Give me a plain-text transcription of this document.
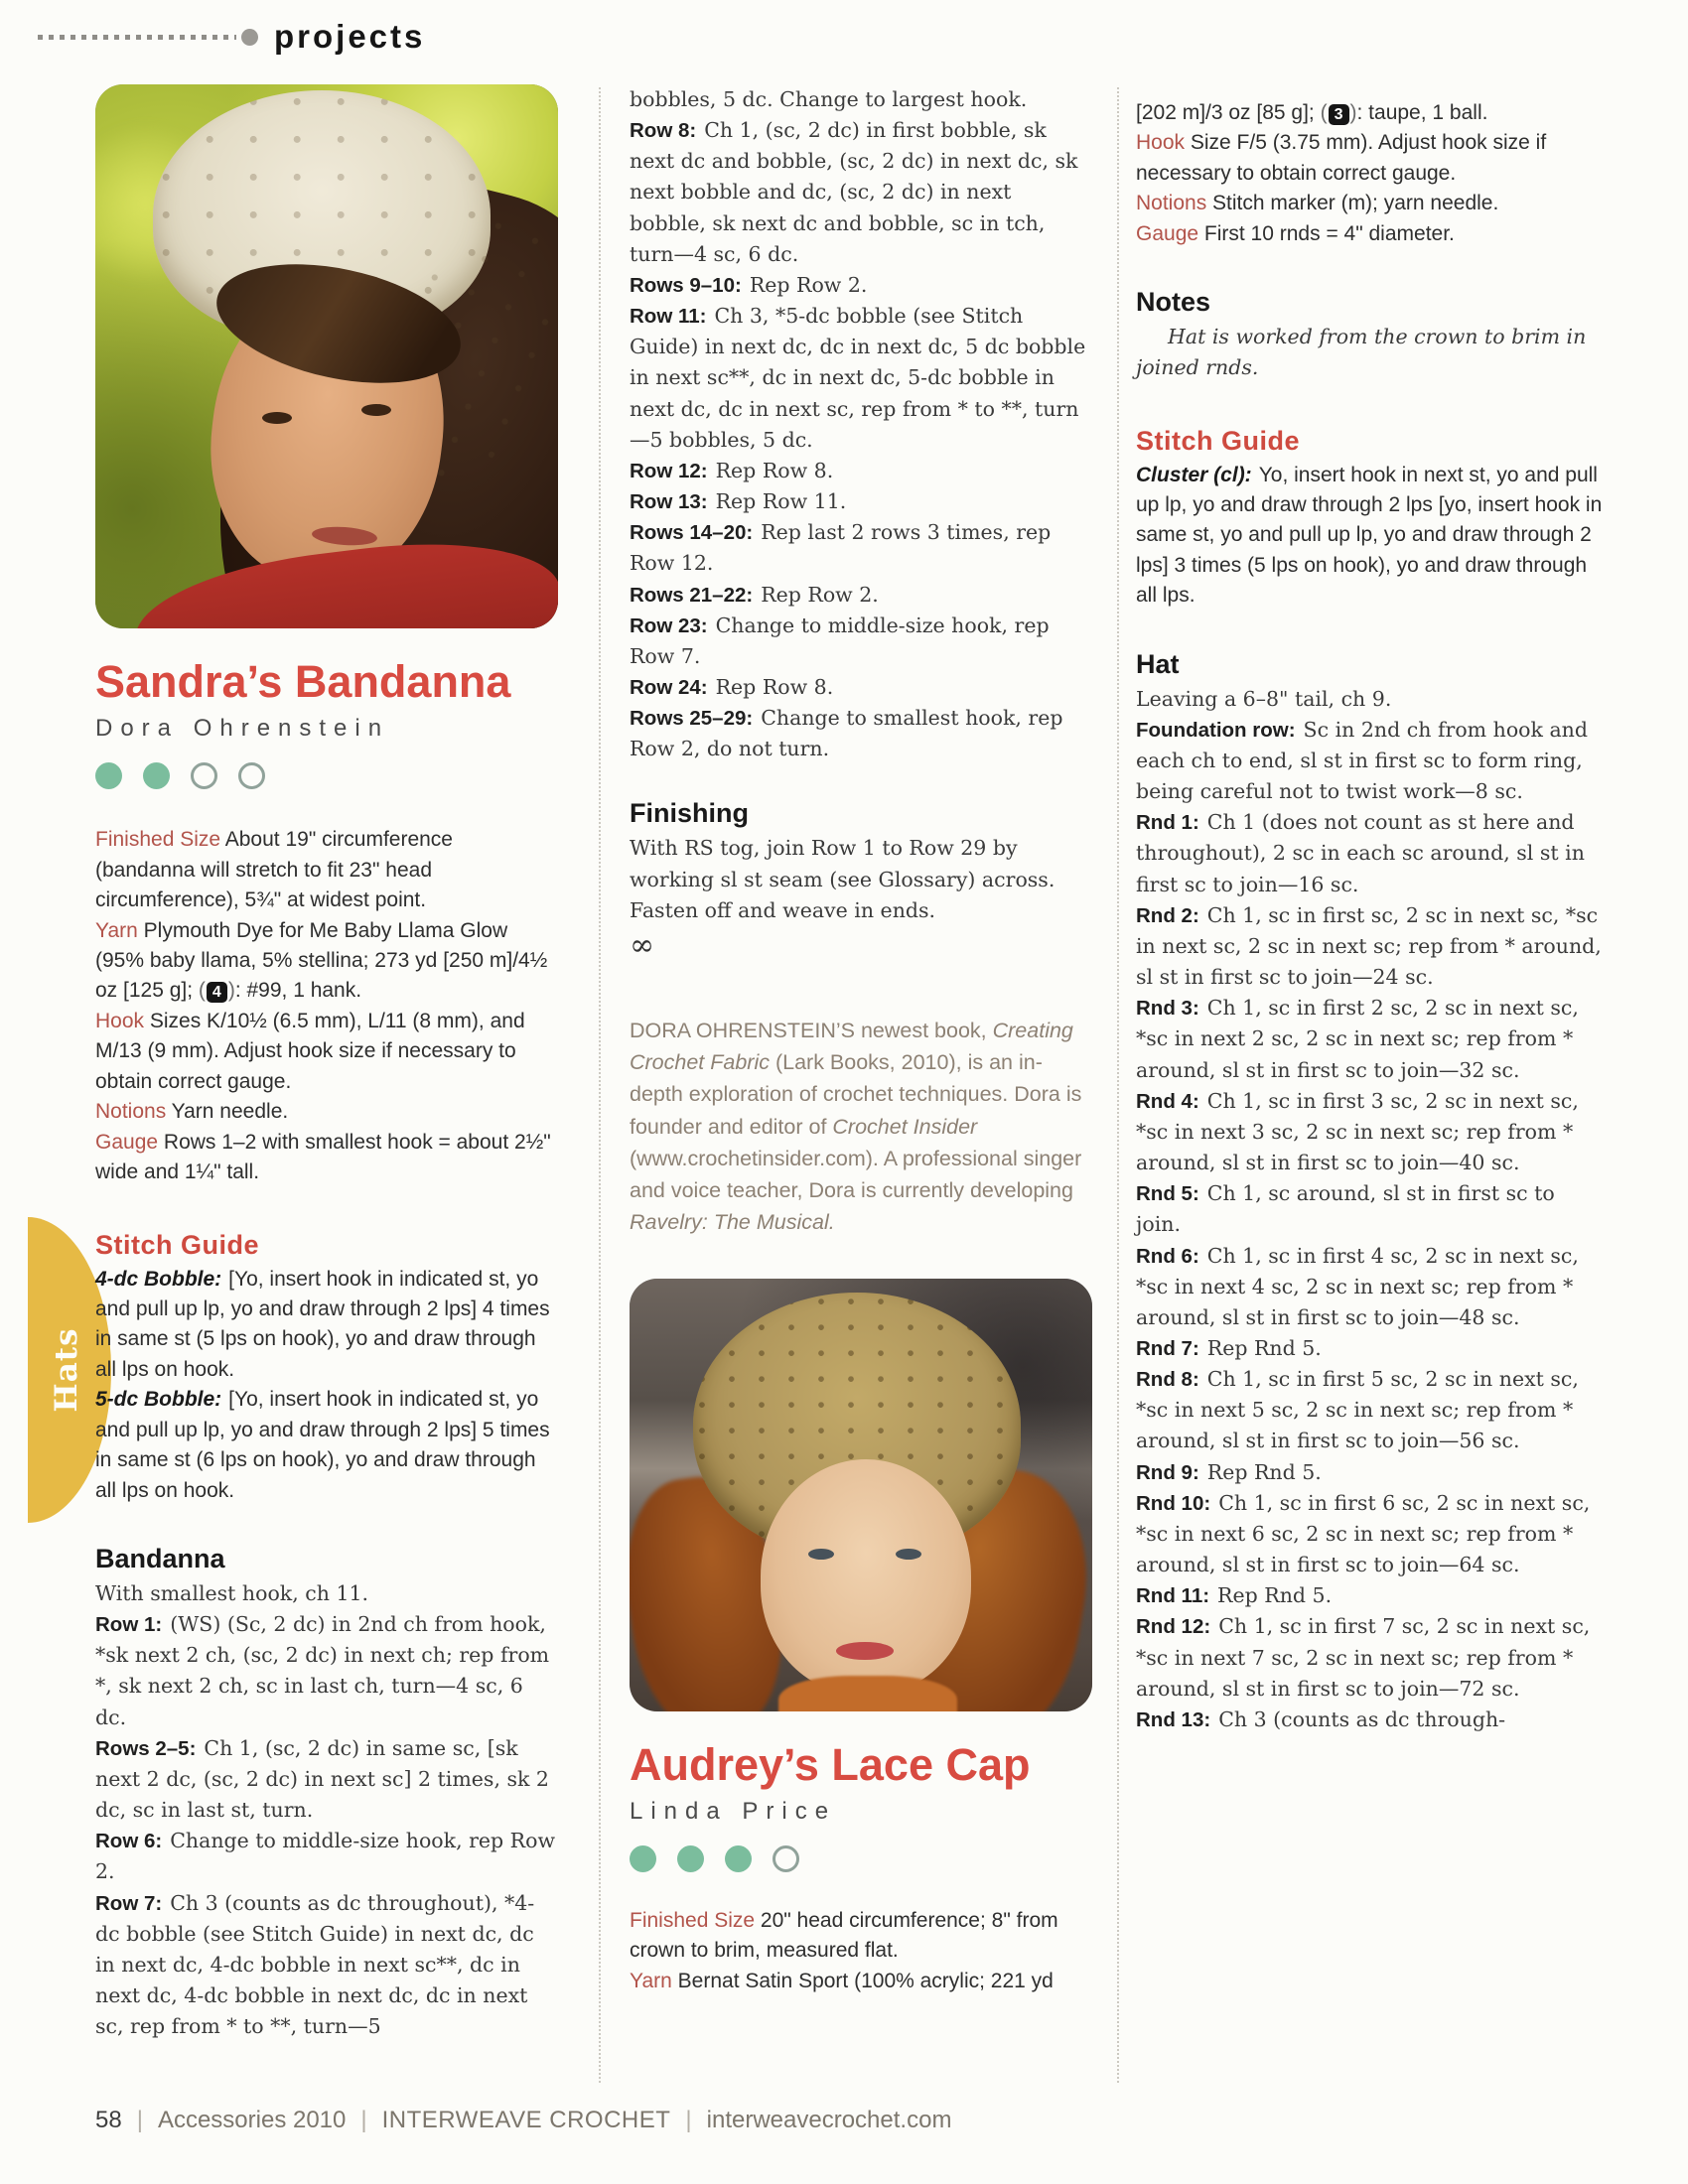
projects
Hats
Sandra’s Bandanna
Dora Ohrenstein

Finished Size About 19" circumference (bandanna will stretch to fit 23" head circumference), 5¾" at widest point.

Yarn Plymouth Dye for Me Baby Llama Glow (95% baby llama, 5% stellina; 273 yd [250 m]/4½ oz [125 g]; ( 4 ): #99, 1 hank.

Hook Sizes K/10½ (6.5 mm), L/11 (8 mm), and M/13 (9 mm). Adjust hook size if necessary to obtain correct gauge.

Notions Yarn needle.

Gauge Rows 1–2 with smallest hook = about 2½" wide and 1¼" tall.

Stitch Guide

4-dc Bobble: [Yo, insert hook in indicated st, yo and pull up lp, yo and draw through 2 lps] 4 times in same st (5 lps on hook), yo and draw through all lps on hook.

5-dc Bobble: [Yo, insert hook in indicated st, yo and pull up lp, yo and draw through 2 lps] 5 times in same st (6 lps on hook), yo and draw through all lps on hook.

Bandanna

With smallest hook, ch 11.

Row 1: (WS) (Sc, 2 dc) in 2nd ch from hook, *sk next 2 ch, (sc, 2 dc) in next ch; rep from *, sk next 2 ch, sc in last ch, turn—4 sc, 6 dc.

Rows 2–5: Ch 1, (sc, 2 dc) in same sc, [sk next 2 dc, (sc, 2 dc) in next sc] 2 times, sk 2 dc, sc in last st, turn.

Row 6: Change to middle-size hook, rep Row 2.

Row 7: Ch 3 (counts as dc throughout), *4-dc bobble (see Stitch Guide) in next dc, dc in next dc, 4-dc bobble in next sc**, dc in next dc, 4-dc bobble in next dc, dc in next sc, rep from * to **, turn—5

bobbles, 5 dc. Change to largest hook.

Row 8: Ch 1, (sc, 2 dc) in first bobble, sk next dc and bobble, (sc, 2 dc) in next dc, sk next bobble and dc, (sc, 2 dc) in next bobble, sk next dc and bobble, sc in tch, turn—4 sc, 6 dc.

Rows 9–10: Rep Row 2.

Row 11: Ch 3, *5-dc bobble (see Stitch Guide) in next dc, dc in next dc, 5 dc bobble in next sc**, dc in next dc, 5-dc bobble in next dc, dc in next sc, rep from * to **, turn—5 bobbles, 5 dc.

Row 12: Rep Row 8.

Row 13: Rep Row 11.

Rows 14–20: Rep last 2 rows 3 times, rep Row 12.

Rows 21–22: Rep Row 2.

Row 23: Change to middle-size hook, rep Row 7.

Row 24: Rep Row 8.

Rows 25–29: Change to smallest hook, rep Row 2, do not turn.

Finishing

With RS tog, join Row 1 to Row 29 by working sl st seam (see Glossary) across. Fasten off and weave in ends.

∞

DORA OHRENSTEIN’S newest book, Creating Crochet Fabric (Lark Books, 2010), is an in-depth exploration of crochet techniques. Dora is founder and editor of Crochet Insider (www.crochetinsider.com). A professional singer and voice teacher, Dora is currently developing Ravelry: The Musical.

Audrey’s Lace Cap
Linda Price

Finished Size 20" head circumference; 8" from crown to brim, measured flat.

Yarn Bernat Satin Sport (100% acrylic; 221 yd

[202 m]/3 oz [85 g]; ( 3 ): taupe, 1 ball.

Hook Size F/5 (3.75 mm). Adjust hook size if necessary to obtain correct gauge.

Notions Stitch marker (m); yarn needle.

Gauge First 10 rnds = 4" diameter.

Notes

Hat is worked from the crown to brim in joined rnds.

Stitch Guide

Cluster (cl): Yo, insert hook in next st, yo and pull up lp, yo and draw through 2 lps [yo, insert hook in same st, yo and pull up lp, yo and draw through 2 lps] 3 times (5 lps on hook), yo and draw through all lps.

Hat

Leaving a 6–8" tail, ch 9.

Foundation row: Sc in 2nd ch from hook and each ch to end, sl st in first sc to form ring, being careful not to twist work—8 sc.

Rnd 1: Ch 1 (does not count as st here and throughout), 2 sc in each sc around, sl st in first sc to join—16 sc.

Rnd 2: Ch 1, sc in first sc, 2 sc in next sc, *sc in next sc, 2 sc in next sc; rep from * around, sl st in first sc to join—24 sc.

Rnd 3: Ch 1, sc in first 2 sc, 2 sc in next sc, *sc in next 2 sc, 2 sc in next sc; rep from * around, sl st in first sc to join—32 sc.

Rnd 4: Ch 1, sc in first 3 sc, 2 sc in next sc, *sc in next 3 sc, 2 sc in next sc; rep from * around, sl st in first sc to join—40 sc.

Rnd 5: Ch 1, sc around, sl st in first sc to join.

Rnd 6: Ch 1, sc in first 4 sc, 2 sc in next sc, *sc in next 4 sc, 2 sc in next sc; rep from * around, sl st in first sc to join—48 sc.

Rnd 7: Rep Rnd 5.

Rnd 8: Ch 1, sc in first 5 sc, 2 sc in next sc, *sc in next 5 sc, 2 sc in next sc; rep from * around, sl st in first sc to join—56 sc.

Rnd 9: Rep Rnd 5.

Rnd 10: Ch 1, sc in first 6 sc, 2 sc in next sc, *sc in next 6 sc, 2 sc in next sc; rep from * around, sl st in first sc to join—64 sc.

Rnd 11: Rep Rnd 5.

Rnd 12: Ch 1, sc in first 7 sc, 2 sc in next sc, *sc in next 7 sc, 2 sc in next sc; rep from * around, sl st in first sc to join—72 sc.

Rnd 13: Ch 3 (counts as dc through-

58 | Accessories 2010 | INTERWEAVE CROCHET | interweavecrochet.com
